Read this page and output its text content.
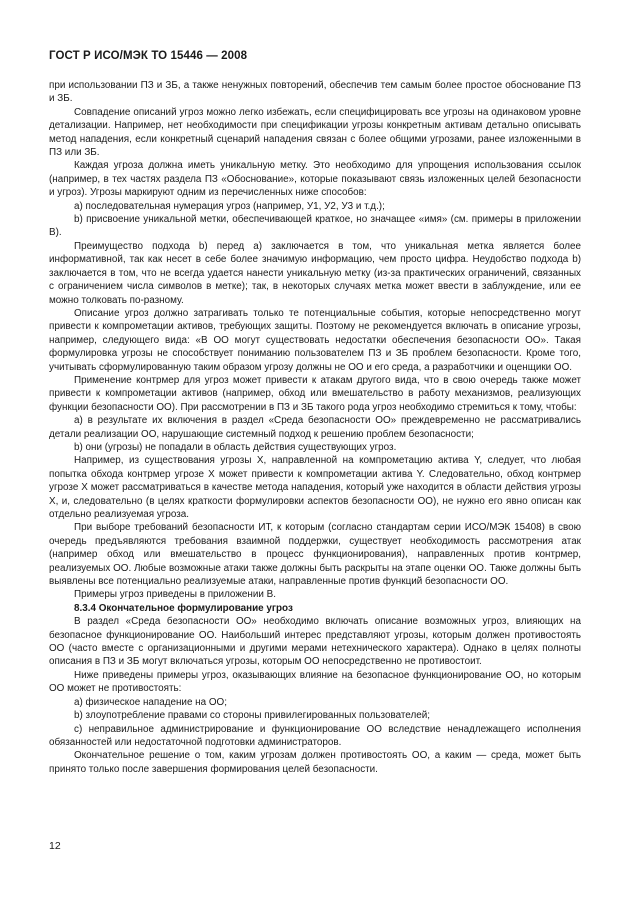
ГОСТ Р ИСО/МЭК ТО 15446 — 2008

при использовании ПЗ и ЗБ, а также ненужных повторений, обеспечив тем самым более простое обоснование ПЗ и ЗБ.

Совпадение описаний угроз можно легко избежать, если специфицировать все угрозы на одинаковом уровне детализации. Например, нет необходимости при спецификации угрозы конкретным активам детально описывать метод нападения, если конкретный сценарий нападения связан с более общими угрозами, ранее изложенными в ПЗ или ЗБ.

Каждая угроза должна иметь уникальную метку. Это необходимо для упрощения использования ссылок (например, в тех частях раздела ПЗ «Обоснование», которые показывают связь изложенных целей безопасности и угроз). Угрозы маркируют одним из перечисленных ниже способов:

a) последовательная нумерация угроз (например, У1, У2, У3 и т.д.);

b) присвоение уникальной метки, обеспечивающей краткое, но значащее «имя» (см. примеры в приложении В).

Преимущество подхода b) перед a) заключается в том, что уникальная метка является более информативной, так как несет в себе более значимую информацию, чем просто цифра. Неудобство подхода b) заключается в том, что не всегда удается нанести уникальную метку (из-за практических ограничений, связанных с ограничением числа символов в метке); так, в некоторых случаях метка может ввести в заблуждение, или ее можно толковать по-разному.

Описание угроз должно затрагивать только те потенциальные события, которые непосредственно могут привести к компрометации активов, требующих защиты. Поэтому не рекомендуется включать в описание угрозы, например, следующего вида: «В ОО могут существовать недостатки обеспечения безопасности ОО». Такая формулировка угрозы не способствует пониманию пользователем ПЗ и ЗБ проблем безопасности. Кроме того, учитывать сформулированную таким образом угрозу должны не ОО и его среда, а разработчики и оценщики ОО.

Применение контрмер для угроз может привести к атакам другого вида, что в свою очередь также может привести к компрометации активов (например, обход или вмешательство в работу механизмов, реализующих функции безопасности ОО). При рассмотрении в ПЗ и ЗБ такого рода угроз необходимо стремиться к тому, чтобы:

a) в результате их включения в раздел «Среда безопасности ОО» преждевременно не рассматривались детали реализации ОО, нарушающие системный подход к решению проблем безопасности;

b) они (угрозы) не попадали в область действия существующих угроз.

Например, из существования угрозы X, направленной на компрометацию актива Y, следует, что любая попытка обхода контрмер угрозе X может привести к компрометации актива Y. Следовательно, обход контрмер угрозе X может рассматриваться в качестве метода нападения, который уже находится в области действия угрозы X, и, следовательно (в целях краткости формулировки аспектов безопасности ОО), не нужно его явно описан как отдельно реализуемая угроза.

При выборе требований безопасности ИТ, к которым (согласно стандартам серии ИСО/МЭК 15408) в свою очередь предъявляются требования взаимной поддержки, существует необходимость рассмотрения атак (например обход или вмешательство в процесс функционирования), направленных против контрмер, реализуемых ОО. Любые возможные атаки также должны быть раскрыты на этапе оценки ОО. Также должны быть выявлены все потенциально реализуемые атаки, направленные против функций безопасности ОО.

Примеры угроз приведены в приложении В.

8.3.4 Окончательное формулирование угроз

В раздел «Среда безопасности ОО» необходимо включать описание возможных угроз, влияющих на безопасное функционирование ОО. Наибольший интерес представляют угрозы, которым должен противостоять ОО (часто вместе с организационными и другими мерами нетехнического характера). Однако в целях полноты описания в ПЗ и ЗБ могут включаться угрозы, которым ОО непосредственно не противостоит.

Ниже приведены примеры угроз, оказывающих влияние на безопасное функционирование ОО, но которым ОО может не противостоять:

a) физическое нападение на ОО;

b) злоупотребление правами со стороны привилегированных пользователей;

c) неправильное администрирование и функционирование ОО вследствие ненадлежащего исполнения обязанностей или недостаточной подготовки администраторов.

Окончательное решение о том, каким угрозам должен противостоять ОО, а каким — среда, может быть принято только после завершения формирования целей безопасности.

12
